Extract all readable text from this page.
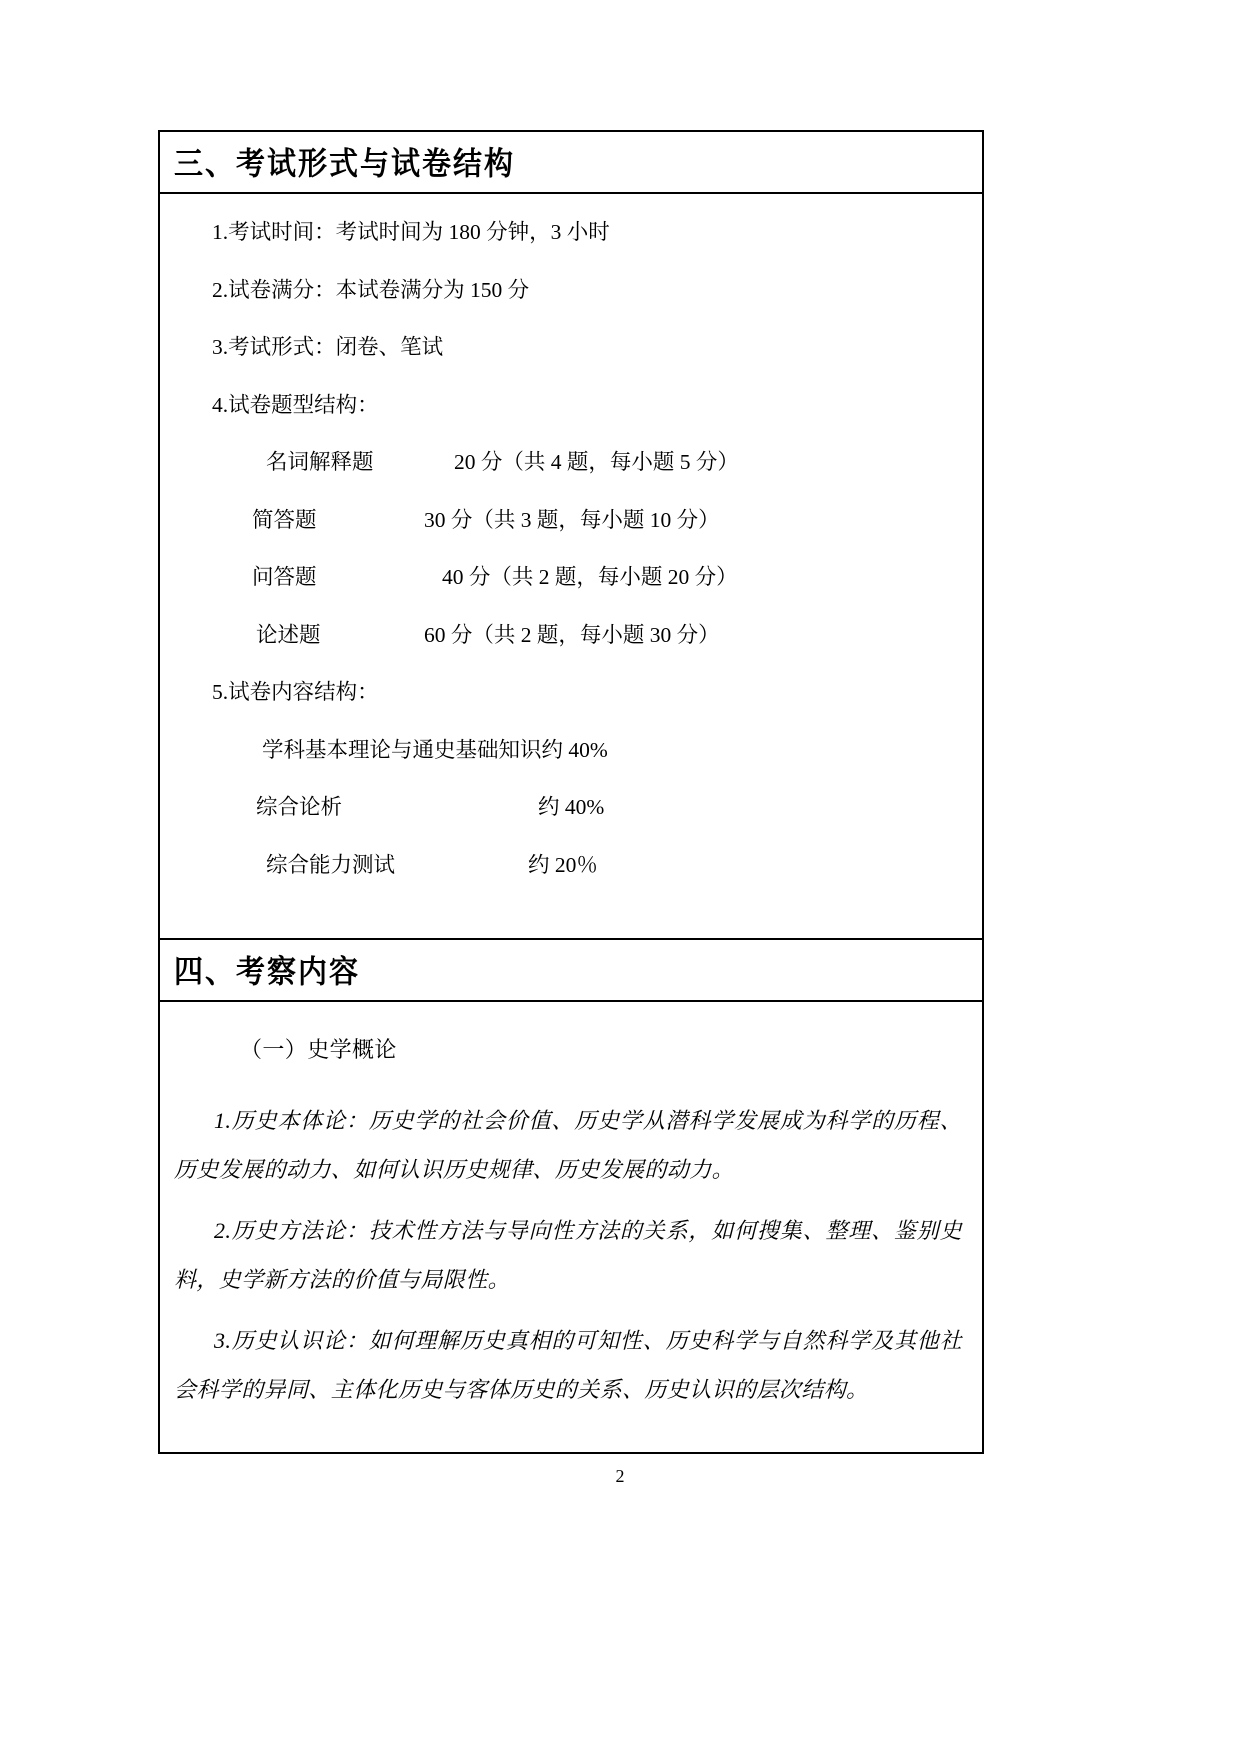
三、考试形式与试卷结构
1.考试时间：考试时间为 180 分钟，3 小时
2.试卷满分：本试卷满分为 150 分
3.考试形式：闭卷、笔试
4.试卷题型结构：
名词解释题	20 分（共 4 题，每小题 5 分）
简答题	30 分（共 3 题，每小题 10 分）
问答题	40 分（共 2 题，每小题 20 分）
论述题	60 分（共 2 题，每小题 30 分）
5.试卷内容结构：
学科基本理论与通史基础知识 约 40%
综合论析	约 40%
综合能力测试	约 20％
四、考察内容

（一）史学概论

1.历史本体论：历史学的社会价值、历史学从潜科学发展成为科学的历程、历史发展的动力、如何认识历史规律、历史发展的动力。

2.历史方法论：技术性方法与导向性方法的关系，如何搜集、整理、鉴别史料，史学新方法的价值与局限性。

3.历史认识论：如何理解历史真相的可知性、历史科学与自然科学及其他社会科学的异同、主体化历史与客体历史的关系、历史认识的层次结构。

2
